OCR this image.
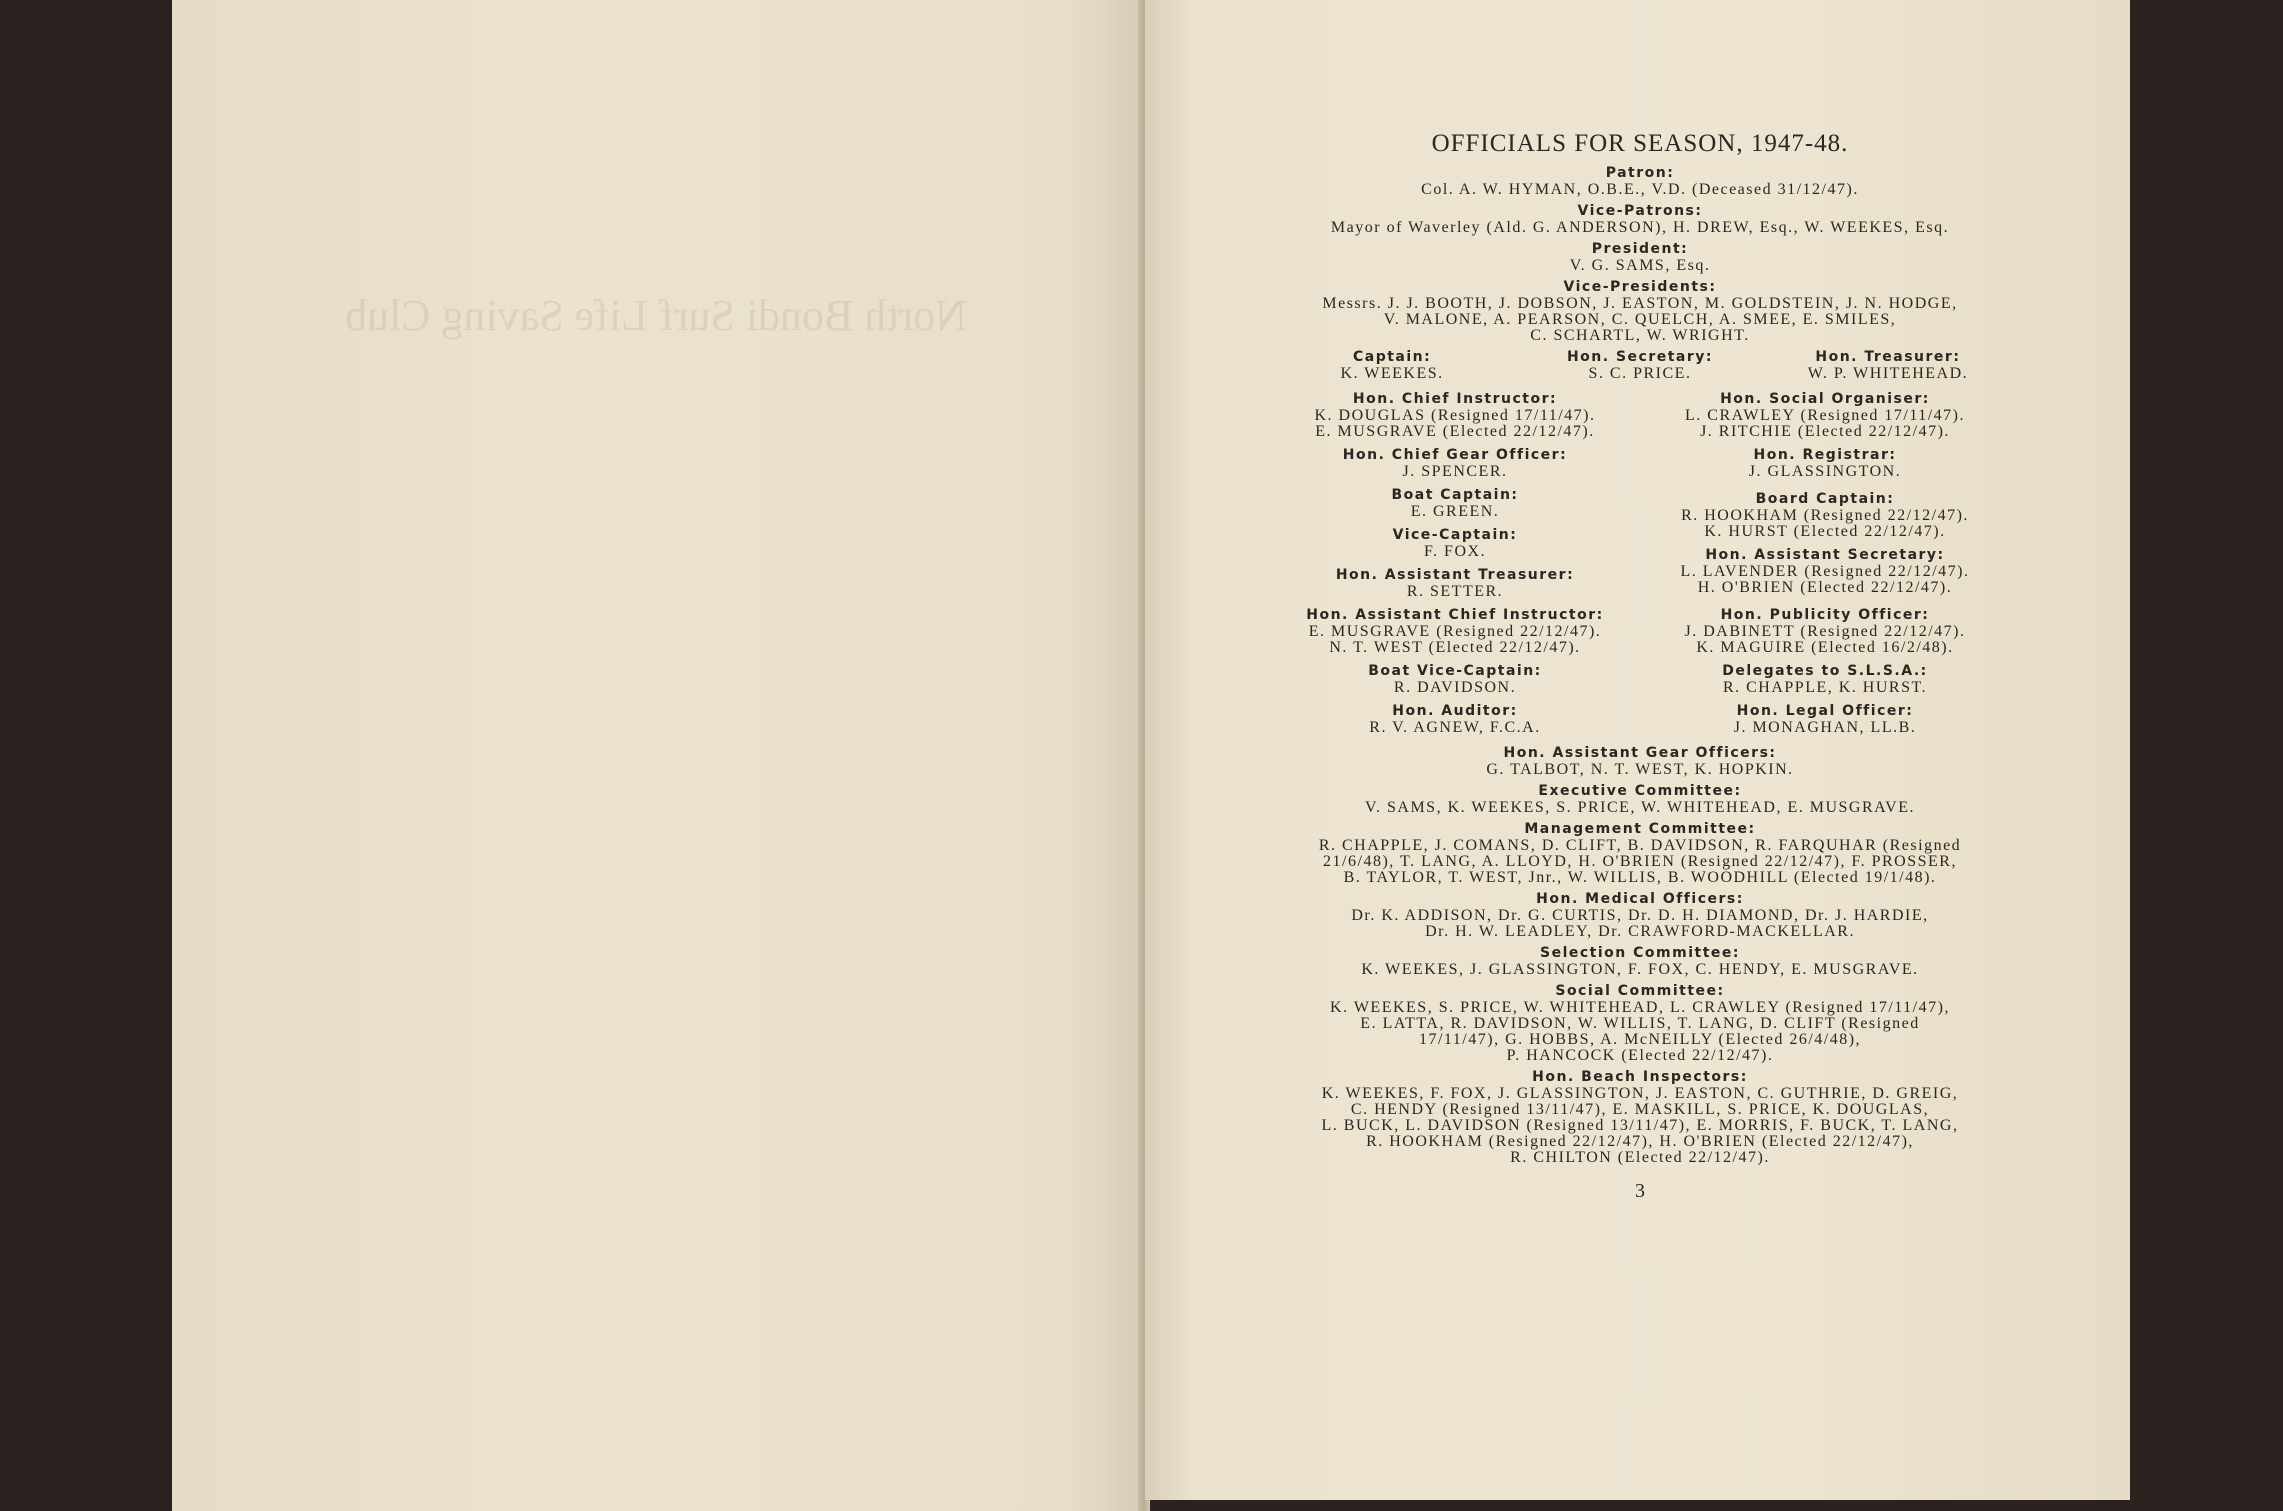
North Bondi Surf Life Saving Club
OFFICIALS FOR SEASON, 1947-48.

Patron:

Col. A. W. HYMAN, O.B.E., V.D. (Deceased 31/12/47).

Vice-Patrons:

Mayor of Waverley (Ald. G. ANDERSON), H. DREW, Esq., W. WEEKES, Esq.

President:

V. G. SAMS, Esq.

Vice-Presidents:

Messrs. J. J. BOOTH, J. DOBSON, J. EASTON, M. GOLDSTEIN, J. N. HODGE,
V. MALONE, A. PEARSON, C. QUELCH, A. SMEE, E. SMILES,
C. SCHARTL, W. WRIGHT.

Captain:

K. WEEKES.

Hon. Secretary:

S. C. PRICE.

Hon. Treasurer:

W. P. WHITEHEAD.

Hon. Chief Instructor:

K. DOUGLAS (Resigned 17/11/47).
E. MUSGRAVE (Elected 22/12/47).

Hon. Chief Gear Officer:

J. SPENCER.

Boat Captain:

E. GREEN.

Vice-Captain:

F. FOX.

Hon. Assistant Treasurer:

R. SETTER.

Hon. Assistant Chief Instructor:

E. MUSGRAVE (Resigned 22/12/47).
N. T. WEST (Elected 22/12/47).

Boat Vice-Captain:

R. DAVIDSON.

Hon. Auditor:

R. V. AGNEW, F.C.A.

Hon. Social Organiser:

L. CRAWLEY (Resigned 17/11/47).
J. RITCHIE (Elected 22/12/47).

Hon. Registrar:

J. GLASSINGTON.

Board Captain:

R. HOOKHAM (Resigned 22/12/47).
K. HURST (Elected 22/12/47).

Hon. Assistant Secretary:

L. LAVENDER (Resigned 22/12/47).
H. O'BRIEN (Elected 22/12/47).

Hon. Publicity Officer:

J. DABINETT (Resigned 22/12/47).
K. MAGUIRE (Elected 16/2/48).

Delegates to S.L.S.A.:

R. CHAPPLE, K. HURST.

Hon. Legal Officer:

J. MONAGHAN, LL.B.

Hon. Assistant Gear Officers:

G. TALBOT, N. T. WEST, K. HOPKIN.

Executive Committee:

V. SAMS, K. WEEKES, S. PRICE, W. WHITEHEAD, E. MUSGRAVE.

Management Committee:

R. CHAPPLE, J. COMANS, D. CLIFT, B. DAVIDSON, R. FARQUHAR (Resigned
21/6/48), T. LANG, A. LLOYD, H. O'BRIEN (Resigned 22/12/47), F. PROSSER,
B. TAYLOR, T. WEST, Jnr., W. WILLIS, B. WOODHILL (Elected 19/1/48).

Hon. Medical Officers:

Dr. K. ADDISON, Dr. G. CURTIS, Dr. D. H. DIAMOND, Dr. J. HARDIE,
Dr. H. W. LEADLEY, Dr. CRAWFORD-MACKELLAR.

Selection Committee:

K. WEEKES, J. GLASSINGTON, F. FOX, C. HENDY, E. MUSGRAVE.

Social Committee:

K. WEEKES, S. PRICE, W. WHITEHEAD, L. CRAWLEY (Resigned 17/11/47),
E. LATTA, R. DAVIDSON, W. WILLIS, T. LANG, D. CLIFT (Resigned
17/11/47), G. HOBBS, A. McNEILLY (Elected 26/4/48),
P. HANCOCK (Elected 22/12/47).

Hon. Beach Inspectors:

K. WEEKES, F. FOX, J. GLASSINGTON, J. EASTON, C. GUTHRIE, D. GREIG,
C. HENDY (Resigned 13/11/47), E. MASKILL, S. PRICE, K. DOUGLAS,
L. BUCK, L. DAVIDSON (Resigned 13/11/47), E. MORRIS, F. BUCK, T. LANG,
R. HOOKHAM (Resigned 22/12/47), H. O'BRIEN (Elected 22/12/47),
R. CHILTON (Elected 22/12/47).

3
